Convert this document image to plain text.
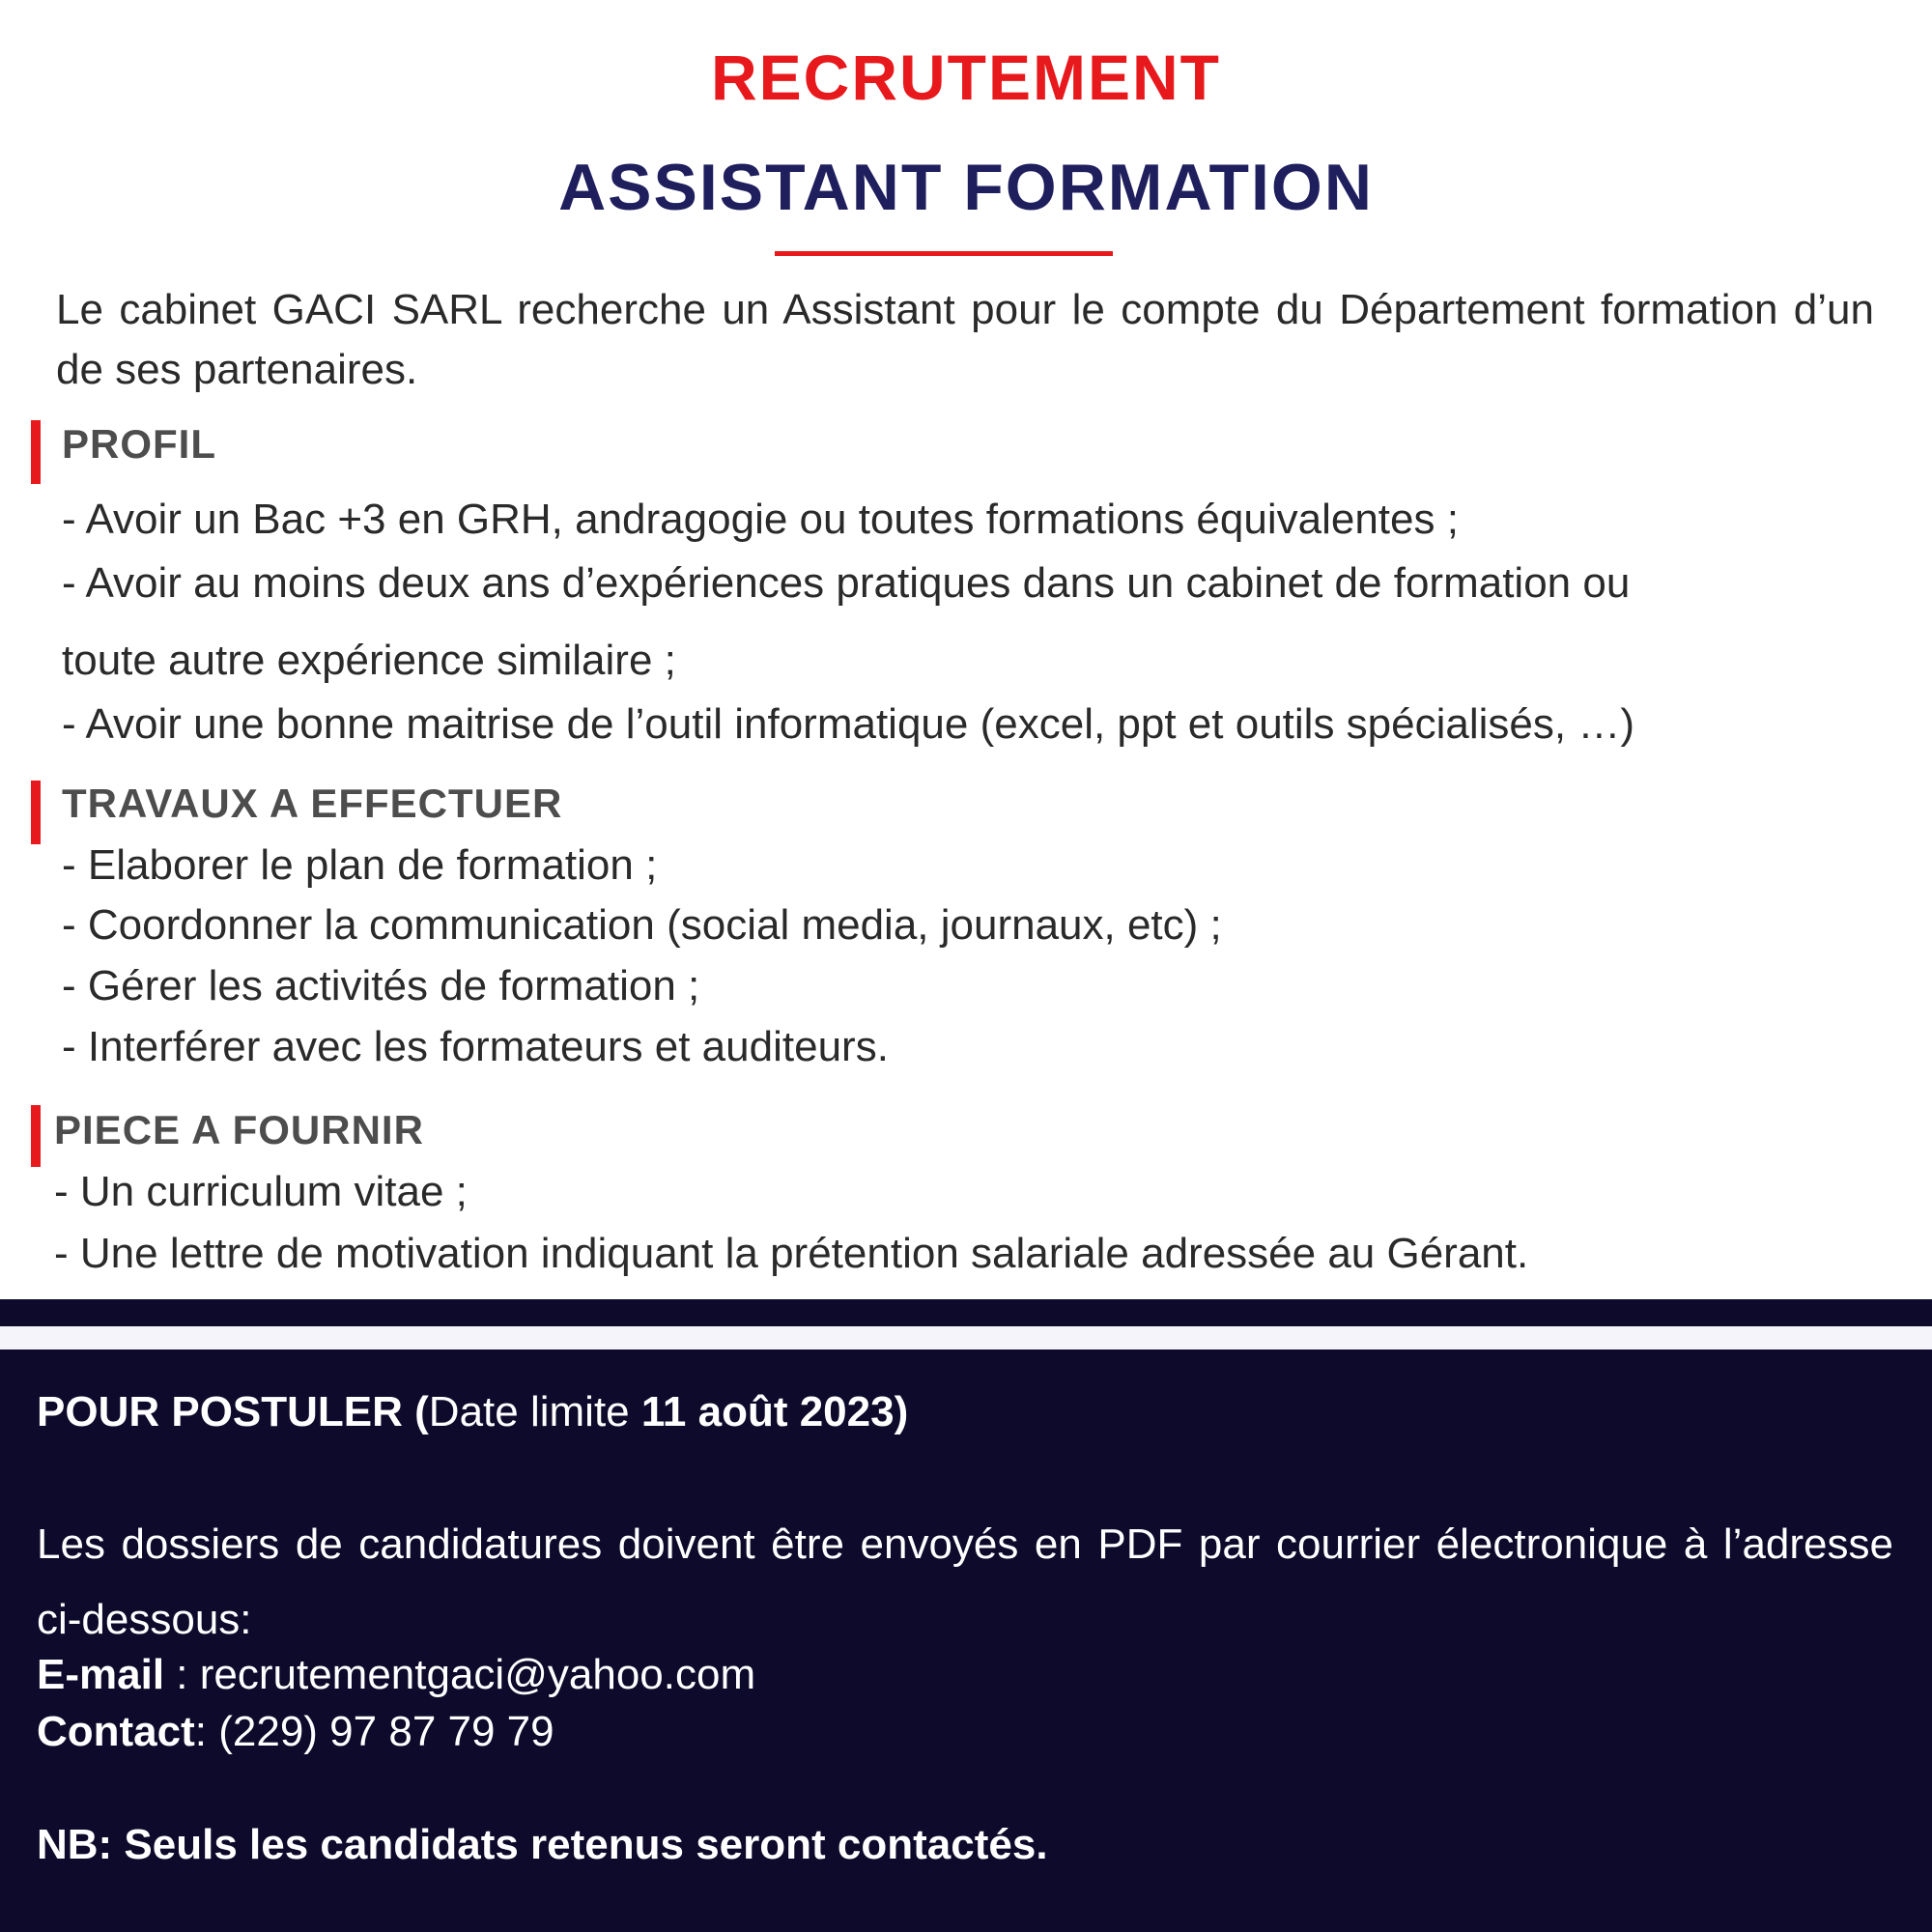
RECRUTEMENT
ASSISTANT FORMATION

Le cabinet GACI SARL recherche un Assistant pour le compte du Département formation d’un de ses partenaires.

PROFIL

- Avoir un Bac +3 en GRH, andragogie ou toutes formations équivalentes ;

- Avoir au moins deux ans d’expériences pratiques dans un cabinet de formation ou

toute autre expérience similaire ;

- Avoir une bonne maitrise de l’outil informatique (excel, ppt et outils spécialisés, …)

TRAVAUX A EFFECTUER

- Elaborer le plan de formation ;

- Coordonner la communication (social media, journaux, etc) ;

- Gérer les activités de formation ;

- Interférer avec les formateurs et auditeurs.

PIECE A FOURNIR

- Un curriculum vitae ;

- Une lettre de motivation indiquant la prétention salariale adressée au Gérant.

POUR POSTULER (Date limite 11 août 2023)

Les dossiers de candidatures doivent être envoyés en PDF par courrier électronique à l’adresse ci-dessous:

E-mail : recrutementgaci@yahoo.com

Contact: (229) 97 87 79 79

NB: Seuls les candidats retenus seront contactés.
